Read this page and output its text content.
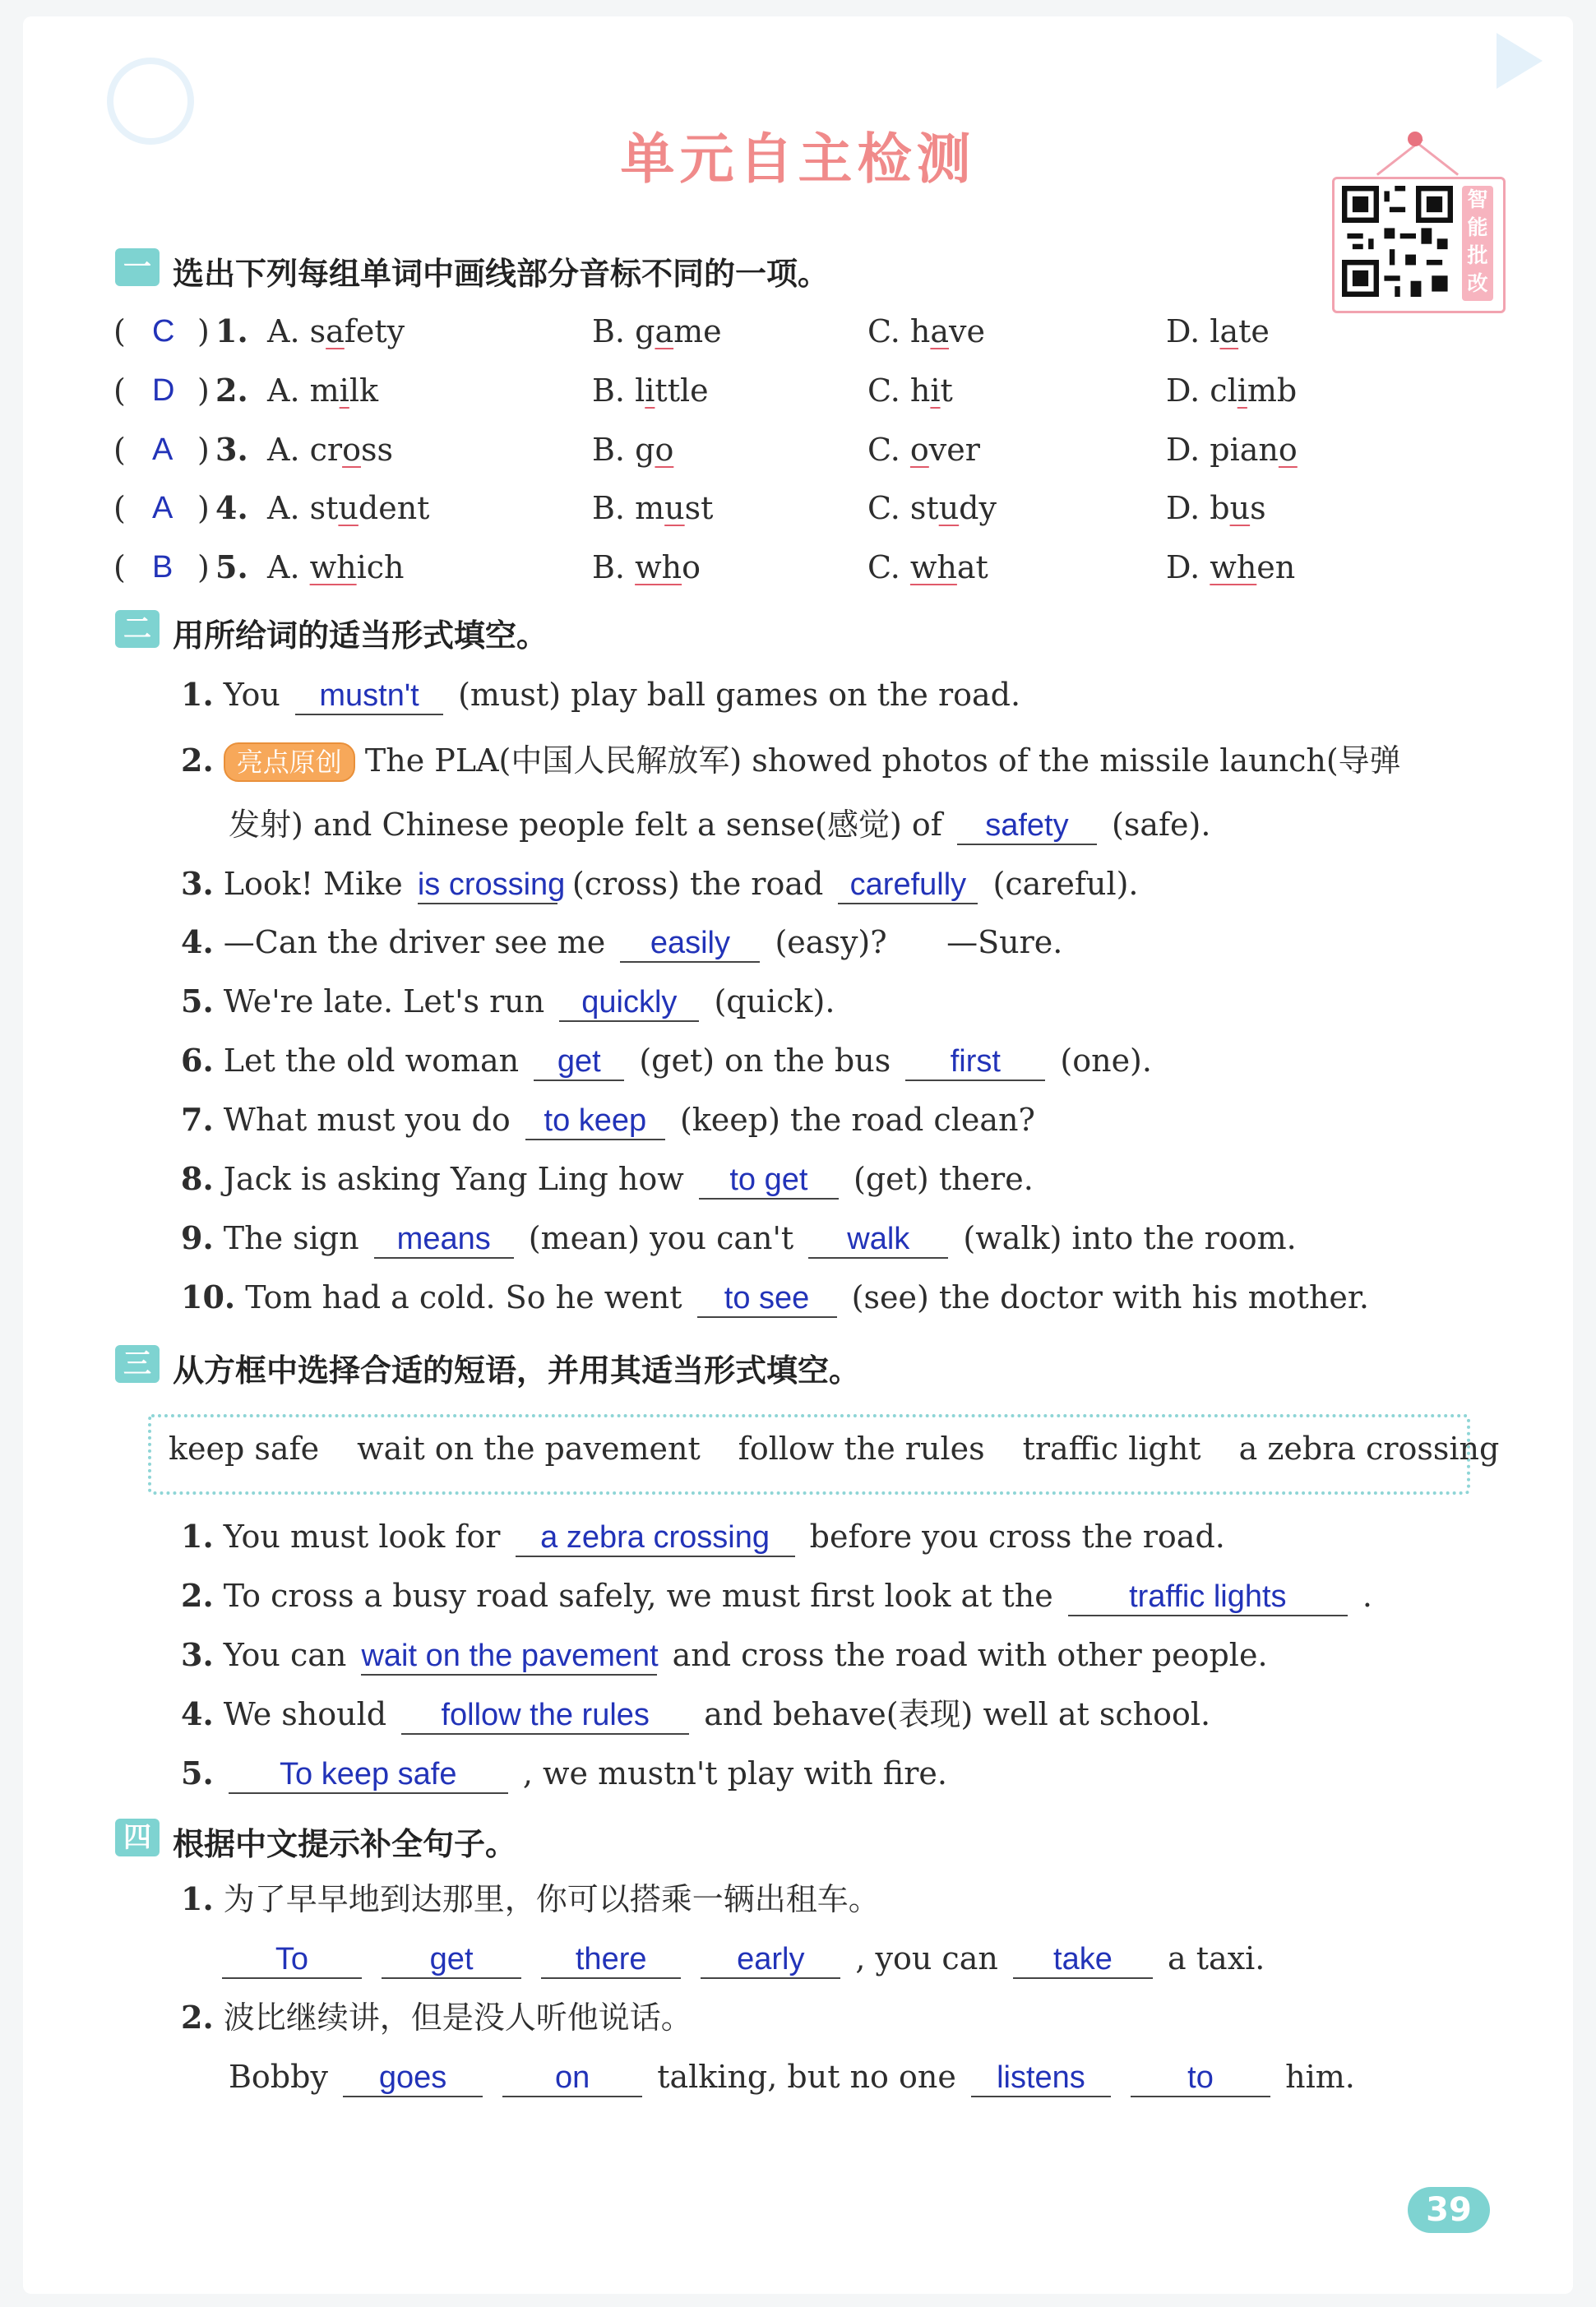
单元自主检测
智能批改
一 选出下列每组单词中画线部分音标不同的一项。
( C ) 1. A. safety	B. game	C. have	D. late
( D ) 2. A. milk	B. little	C. hit	D. climb
( A ) 3. A. cross	B. go	C. over	D. piano
( A ) 4. A. student	B. must	C. study	D. bus
( B ) 5. A. which	B. who	C. what	D. when
二 用所给词的适当形式填空。
1. You mustn't (must) play ball games on the road.
2. 亮点原创 The PLA(中国人民解放军) showed photos of the missile launch(导弹
发射) and Chinese people felt a sense(感觉) of safety (safe).
3. Look! Mike is crossing (cross) the road carefully (careful).
4. —Can the driver see me easily (easy)?      —Sure.
5. We're late. Let's run quickly (quick).
6. Let the old woman get (get) on the bus first (one).
7. What must you do to keep (keep) the road clean?
8. Jack is asking Yang Ling how to get (get) there.
9. The sign means (mean) you can't walk (walk) into the room.
10. Tom had a cold. So he went to see (see) the doctor with his mother.
三 从方框中选择合适的短语，并用其适当形式填空。
keep safe wait on the pavement follow the rules traffic light a zebra crossing
1. You must look for a zebra crossing before you cross the road.
2. To cross a busy road safely, we must first look at the traffic lights .
3. You can wait on the pavement and cross the road with other people.
4. We should follow the rules and behave(表现) well at school.
5. To keep safe , we mustn't play with fire.
四 根据中文提示补全句子。
1. 为了早早地到达那里，你可以搭乘一辆出租车。
To	get	there	early , you can take a taxi.
2. 波比继续讲，但是没人听他说话。
Bobby goes	on talking, but no one listens	to him.
39
